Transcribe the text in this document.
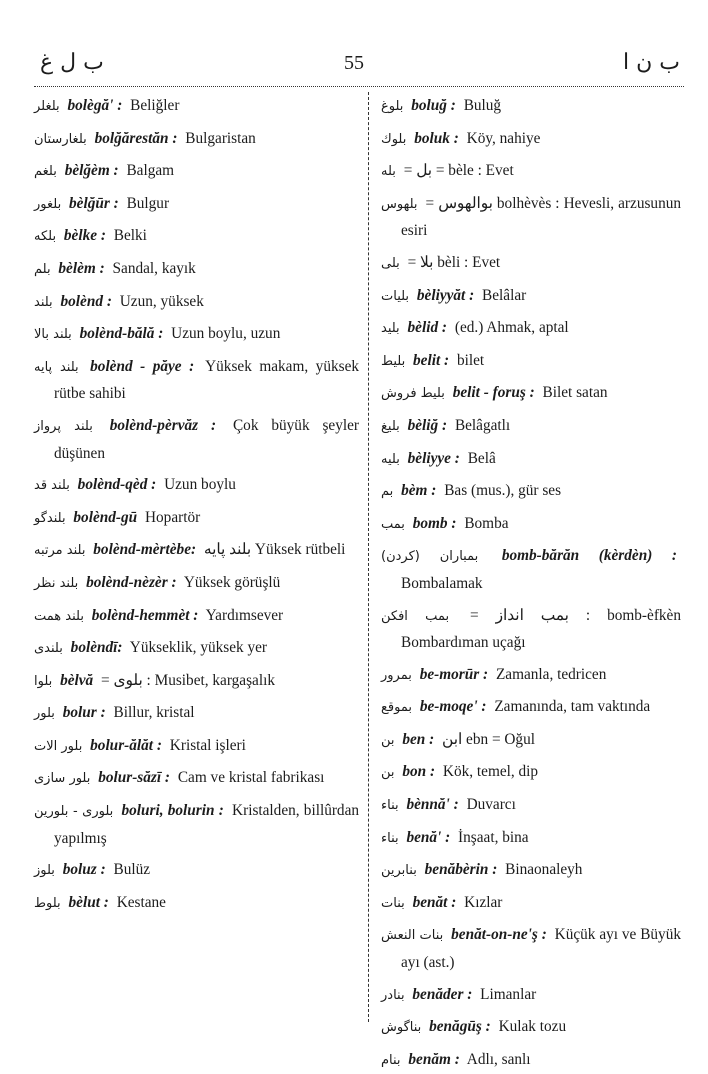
ب ل غ	55	ب ن ا
بلغلر bolègă' : Beliğler
بلغارستان bolğărestăn : Bulgaristan
بلغم bèlğèm : Balgam
بلغور bèlğūr : Bulgur
بلكه bèlke : Belki
بلم bèlèm : Sandal, kayık
بلند bolènd : Uzun, yüksek
بلند بالا bolènd-bălă : Uzun boylu, uzun
بلند پايه bolènd - păye : Yüksek makam, yüksek rütbe sahibi
بلند پرواز bolènd-pèrvăz : Çok büyük şeyler düşünen
بلند قد bolènd-qèd : Uzun boylu
بلندگو bolènd-gū Hopartör
بلند مرتبه bolènd-mèrtèbe: بلند پایه Yüksek rütbeli
بلند نظر bolènd-nèzèr : Yüksek görüşlü
بلند همت bolènd-hemmèt : Yardımsever
بلندى bolèndī: Yükseklik, yüksek yer
بلوا bèlvă = بلوى : Musibet, kargaşalık
بلور bolur : Billur, kristal
بلور الات bolur-ălăt : Kristal işleri
بلور سازى bolur-săzī : Cam ve kristal fabrikası
بلورى - بلورين boluri, bolurin : Kristalden, billûrdan yapılmış
بلوز boluz : Bulüz
بلوط bèlut : Kestane
بلوغ boluğ : Buluğ
بلوك boluk : Köy, nahiye
بله = بل = bèle : Evet
بلهوس = بوالهوس bolhèvès : Hevesli, arzusunun esiri
بلى = بلا bèli : Evet
بليات bèliyyăt : Belâlar
بليد bèlid : (ed.) Ahmak, aptal
بليط belit : bilet
بليط فروش belit - foruş : Bilet satan
بليغ bèliğ : Belâgatlı
بليه bèliyye : Belâ
بم bèm : Bas (mus.), gür ses
بمب bomb : Bomba
بمباران (كردن) bomb-bărăn (kèrdèn) : Bombalamak
بمب افكن = بمب انداز : bomb-èfkèn Bombardıman uçağı
بمرور be-morūr : Zamanla, tedricen
بموقع be-moqe' : Zamanında, tam vaktında
بن ben : ابن ebn = Oğul
بن bon : Kök, temel, dip
بناء bènnă' : Duvarcı
بناء benă' : İnşaat, bina
بنابرين benăbèrin : Binaonaleyh
بنات benăt : Kızlar
بنات النعش benăt-on-ne'ş : Küçük ayı ve Büyük ayı (ast.)
بنادر benăder : Limanlar
بناگوش benăgūş : Kulak tozu
بنام benăm : Adlı, sanlı
